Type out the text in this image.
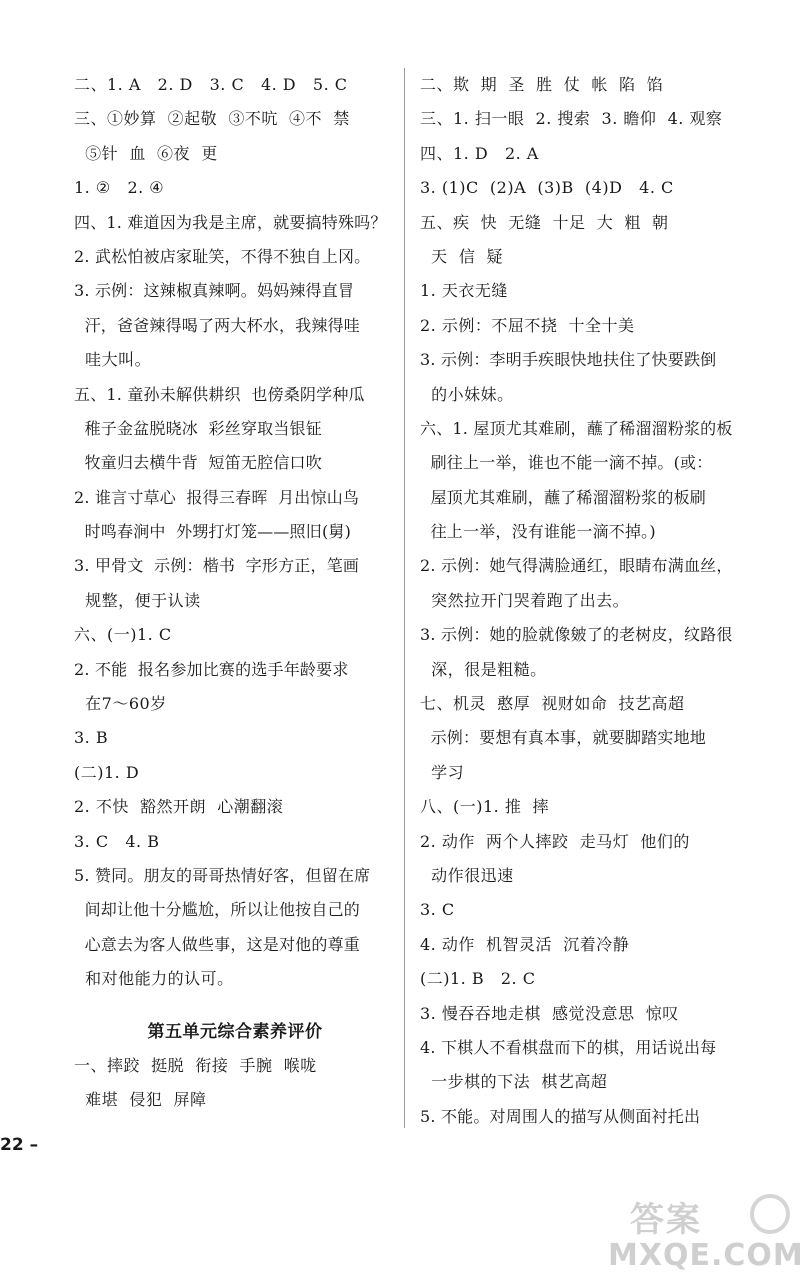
二、1. A   2. D   3. C   4. D   5. C
三、①妙算  ②起敬  ③不吭  ④不  禁
⑤针  血  ⑥夜  更
1. ②   2. ④
四、1. 难道因为我是主席，就要搞特殊吗？
2. 武松怕被店家耻笑，不得不独自上冈。
3. 示例：这辣椒真辣啊。妈妈辣得直冒
汗，爸爸辣得喝了两大杯水，我辣得哇
哇大叫。
五、1. 童孙未解供耕织  也傍桑阴学种瓜
稚子金盆脱晓冰  彩丝穿取当银钲
牧童归去横牛背  短笛无腔信口吹
2. 谁言寸草心  报得三春晖  月出惊山鸟
时鸣春涧中  外甥打灯笼——照旧(舅)
3. 甲骨文  示例：楷书  字形方正，笔画
规整，便于认读
六、(一)1. C
2. 不能  报名参加比赛的选手年龄要求
在7～60岁
3. B
(二)1. D
2. 不快  豁然开朗  心潮翻滚
3. C   4. B
5. 赞同。朋友的哥哥热情好客，但留在席
间却让他十分尴尬，所以让他按自己的
心意去为客人做些事，这是对他的尊重
和对他能力的认可。
第五单元综合素养评价
一、摔跤  挺脱  衔接  手腕  喉咙
难堪  侵犯  屏障
二、欺  期  圣  胜  仗  帐  陷  馅
三、1. 扫一眼  2. 搜索  3. 瞻仰  4. 观察
四、1. D   2. A
3. (1)C  (2)A  (3)B  (4)D   4. C
五、疾  快  无缝  十足  大  粗  朝
天  信  疑
1. 天衣无缝
2. 示例：不屈不挠  十全十美
3. 示例：李明手疾眼快地扶住了快要跌倒
的小妹妹。
六、1. 屋顶尤其难刷，蘸了稀溜溜粉浆的板
刷往上一举，谁也不能一滴不掉。(或：
屋顶尤其难刷，蘸了稀溜溜粉浆的板刷
往上一举，没有谁能一滴不掉。)
2. 示例：她气得满脸通红，眼睛布满血丝，
突然拉开门哭着跑了出去。
3. 示例：她的脸就像皴了的老树皮，纹路很
深，很是粗糙。
七、机灵  憨厚  视财如命  技艺高超
示例：要想有真本事，就要脚踏实地地
学习
八、(一)1. 推  摔
2. 动作  两个人摔跤  走马灯  他们的
动作很迅速
3. C
4. 动作  机智灵活  沉着冷静
(二)1. B   2. C
3. 慢吞吞地走棋  感觉没意思  惊叹
4. 下棋人不看棋盘而下的棋，用话说出每
一步棋的下法  棋艺高超
5. 不能。对周围人的描写从侧面衬托出
22 –
答案
MXQE.COM
